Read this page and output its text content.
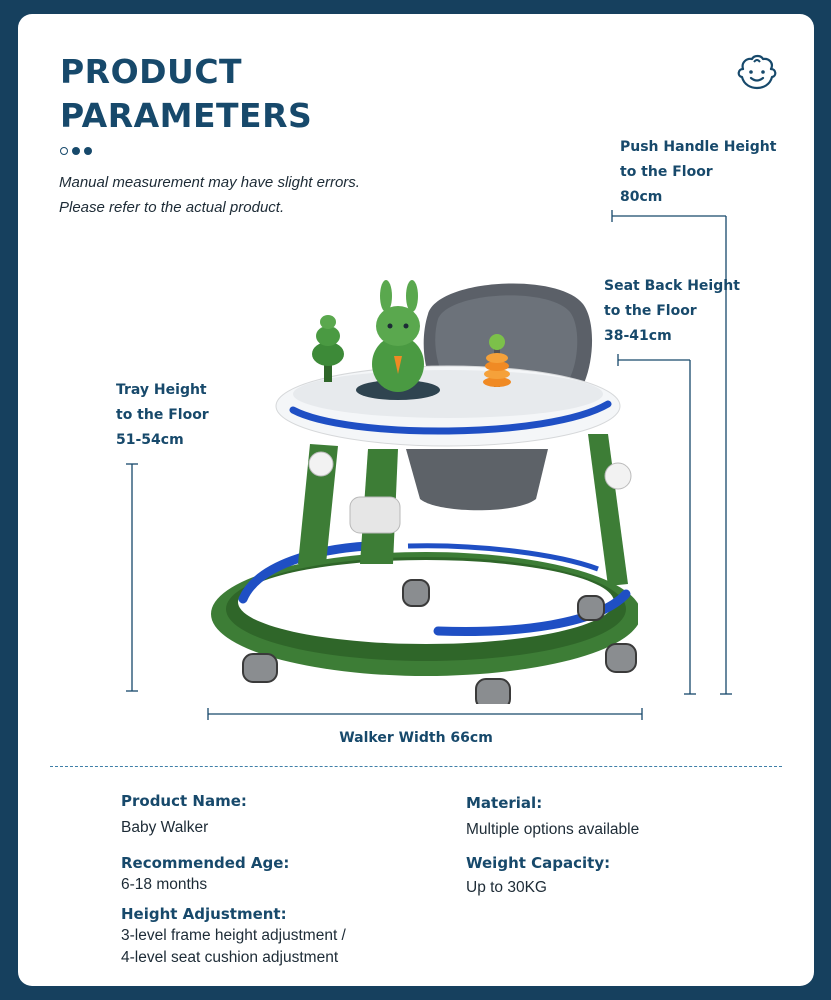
PRODUCT
PARAMETERS
Manual measurement may have slight errors.
Please refer to the actual product.
Push Handle Height
to the Floor
80cm
Seat Back Height
to the Floor
38-41cm
Tray Height
to the Floor
51-54cm
Walker Width 66cm
Product Name:
Baby Walker
Recommended Age:
6-18 months
Height Adjustment:
3-level frame height adjustment /
4-level seat cushion adjustment
Material:
Multiple options available
Weight Capacity:
Up to 30KG
